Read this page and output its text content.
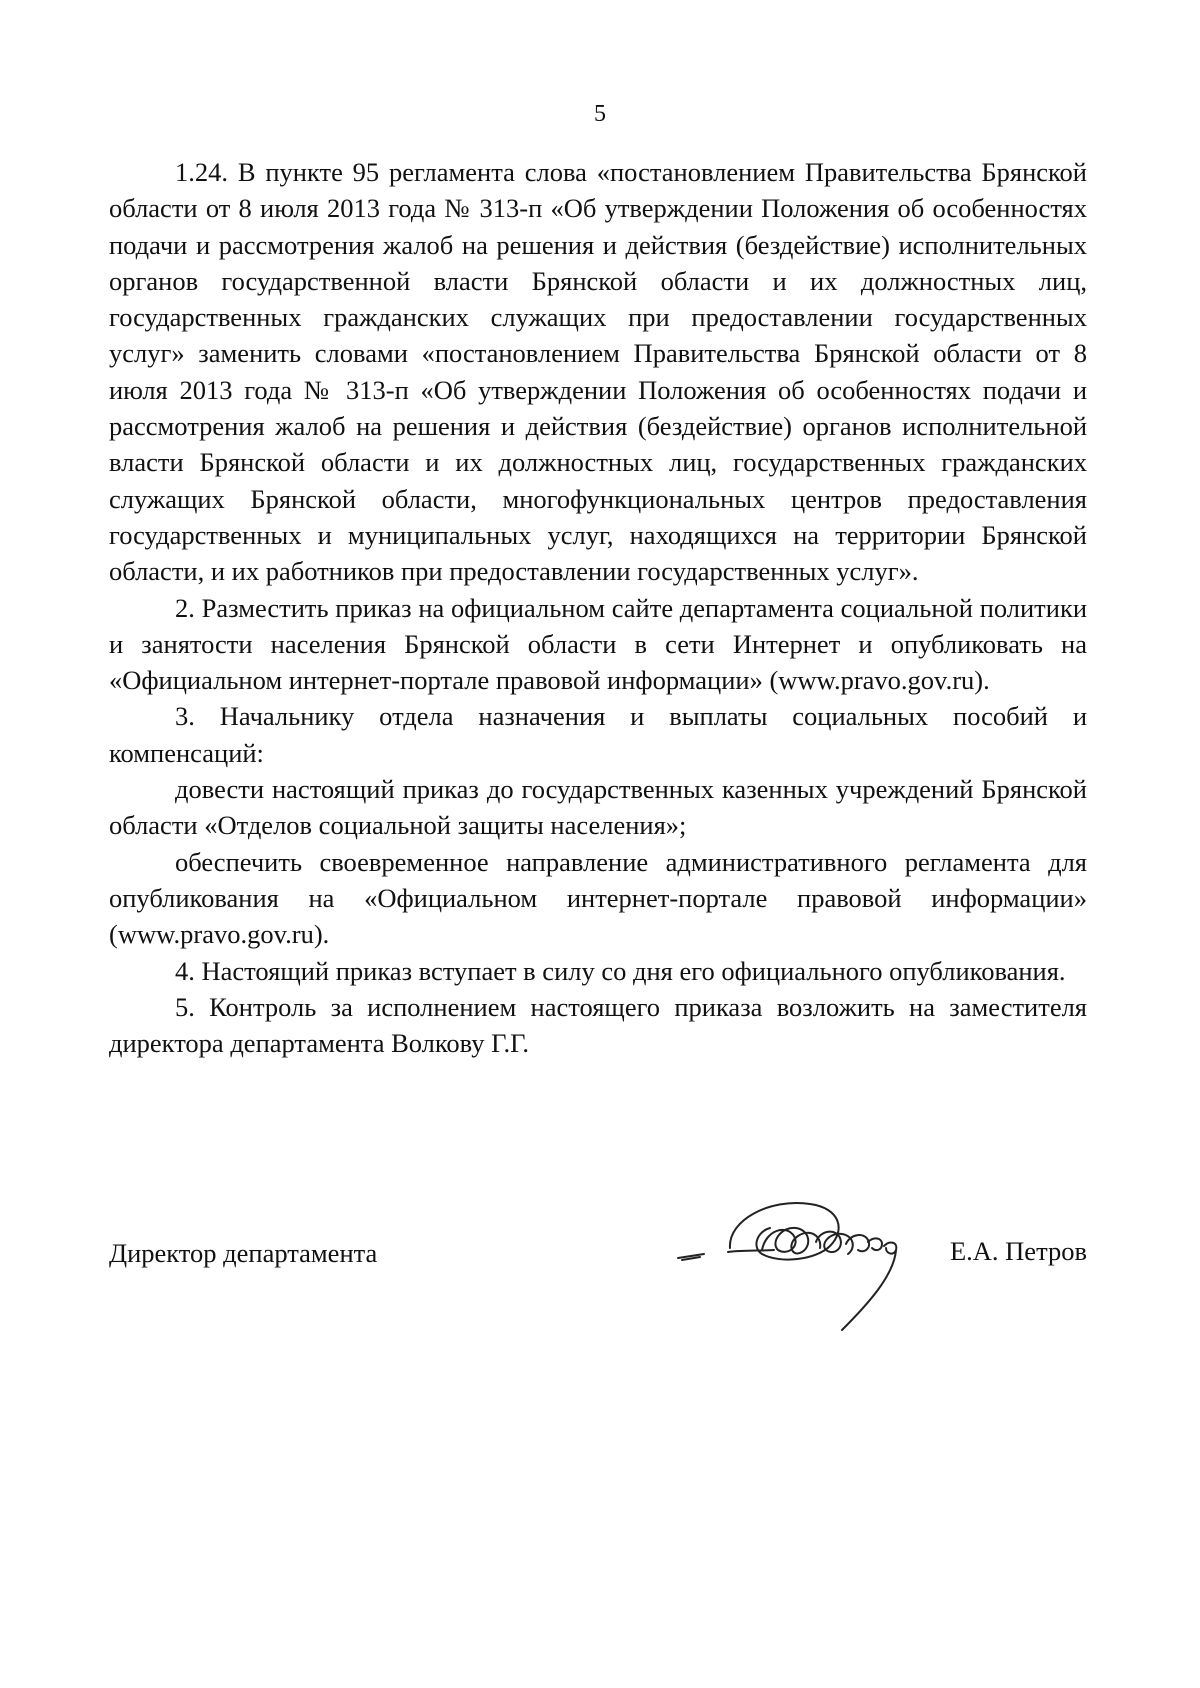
5

1.24. В пункте 95 регламента слова «постановлением Правительства Брянской области от 8 июля 2013 года № 313-п «Об утверждении Положения об особенностях подачи и рассмотрения жалоб на решения и действия (бездействие) исполнительных органов государственной власти Брянской области и их должностных лиц, государственных гражданских служащих при предоставлении государственных услуг» заменить словами «постановлением Правительства Брянской области от 8 июля 2013 года № 313-п «Об утверждении Положения об особенностях подачи и рассмотрения жалоб на решения и действия (бездействие) органов исполнительной власти Брянской области и их должностных лиц, государственных гражданских служащих Брянской области, многофункциональных центров предоставления государственных и муниципальных услуг, находящихся на территории Брянской области, и их работников при предоставлении государственных услуг».

2. Разместить приказ на официальном сайте департамента социальной политики и занятости населения Брянской области в сети Интернет и опубликовать на «Официальном интернет-портале правовой информации» (www.pravo.gov.ru).

3. Начальнику отдела назначения и выплаты социальных пособий и компенсаций:

довести настоящий приказ до государственных казенных учреждений Брянской области «Отделов социальной защиты населения»;

обеспечить своевременное направление административного регламента для опубликования на «Официальном интернет-портале правовой информации» (www.pravo.gov.ru).

4. Настоящий приказ вступает в силу со дня его официального опубликования.

5. Контроль за исполнением настоящего приказа возложить на заместителя директора департамента Волкову Г.Г.

Директор департамента	Е.А. Петров
